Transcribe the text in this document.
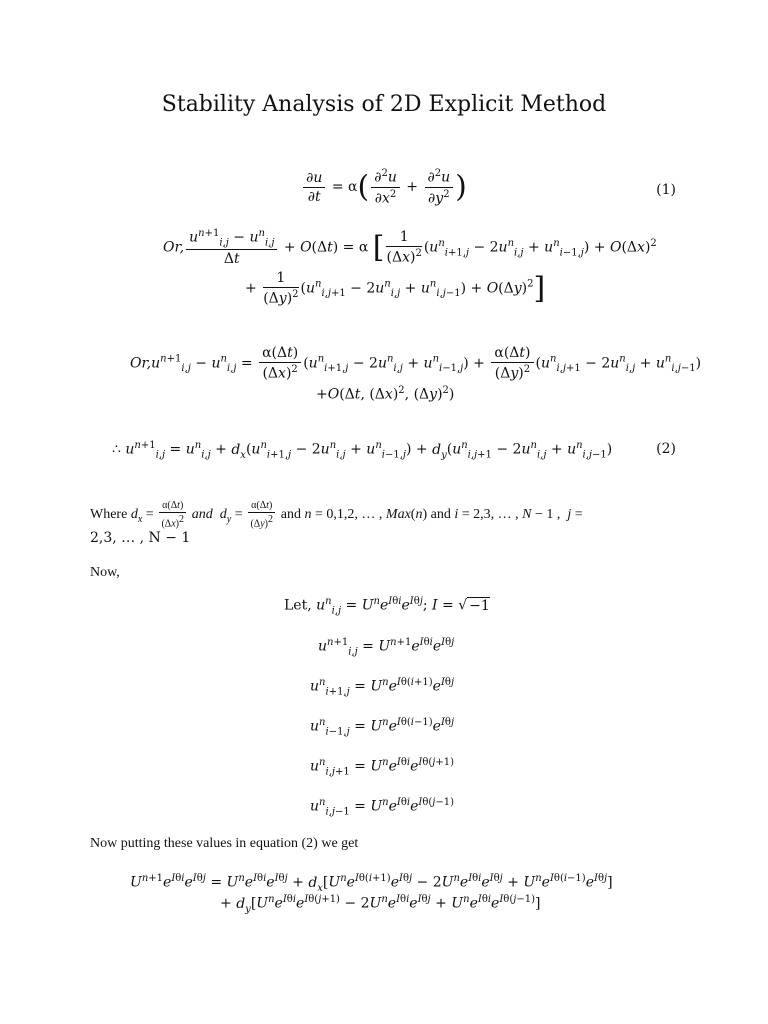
Stability Analysis of 2D Explicit Method
$\frac{\partial u}{\partial t} = \alpha( \frac{\partial^2u}{\partial x^2} + \frac{\partial^2u}{\partial y^2}$ )	(1)
Or, $\frac{u^{n+1}_{i,j} - u^n_{i,j}}{\Delta t} + O(\Delta t) = \alpha$ [ $\frac{1}{(\Delta x)^2} (u^n_{i+1,j} - 2u^n_{i,j} + u^n_{i-1,j}) + O(\Delta x)^2$
+ $\frac{1}{(\Delta y)^2} (u^n_{i,j+1} - 2u^n_{i,j} + u^n_{i,j-1}) + O(\Delta y)^2$]
$Or,u^{n+1}_{i,j} - u^n_{i,j} = \frac{\alpha(\Delta t)}{(\Delta x)^2} (u^n_{i+1,j} - 2u^n_{i,j} + u^n_{i-1,j}) + \frac{\alpha(\Delta t)}{(\Delta y)^2} (u^n_{i,j+1} - 2u^n_{i,j} + u^n_{i,j-1})$
+O(Δt, $(\Delta x)^2$, $(\Delta y)^2$)
∴ $u^{n+1}_{i,j} = u^n_{i,j} + d_x(u^n_{i+1,j} - 2u^n_{i,j} + u^n_{i-1,j}) + d_y(u^n_{i,j+1} - 2u^n_{i,j} + u^n_{i,j-1})$	(2)
Where $d_x = \frac{\alpha(\Delta t)}{(\Delta x)^2}$ and $d_y = \frac{\alpha(\Delta t)}{(\Delta y)^2}$ and n = 0,1,2, … , Max(n) and i = 2,3, … , N − 1 ,  j =
2,3, … , N − 1
Now,
Let, $u^n_{i,j} = U^ne^{I\theta i}e^{I\theta j}$; I = √ −1
$u^{n+1}_{i,j} = U^{n+1}e^{I\theta i}e^{I\theta j}$
$u^n_{i+1,j} = U^ne^{I\theta(i+1)}e^{I\theta j}$
$u^n_{i-1,j} = U^ne^{I\theta(i-1)}e^{I\theta j}$
$u^n_{i,j+1} = U^ne^{I\theta i}e^{I\theta(j+1)}$
$u^n_{i,j-1} = U^ne^{I\theta i}e^{I\theta(j-1)}$
Now putting these values in equation (2) we get
$U^{n+1}e^{I\theta i}e^{I\theta j} = U^ne^{I\theta i}e^{I\theta j} + d_x[U^ne^{I\theta(i+1)}e^{I\theta j} - 2U^ne^{I\theta i}e^{I\theta j} + U^ne^{I\theta(i-1)}e^{I\theta j}]$
+ $d_y[U^ne^{I\theta i}e^{I\theta(j+1)} - 2U^ne^{I\theta i}e^{I\theta j} + U^ne^{I\theta i}e^{I\theta(j-1)}]$
